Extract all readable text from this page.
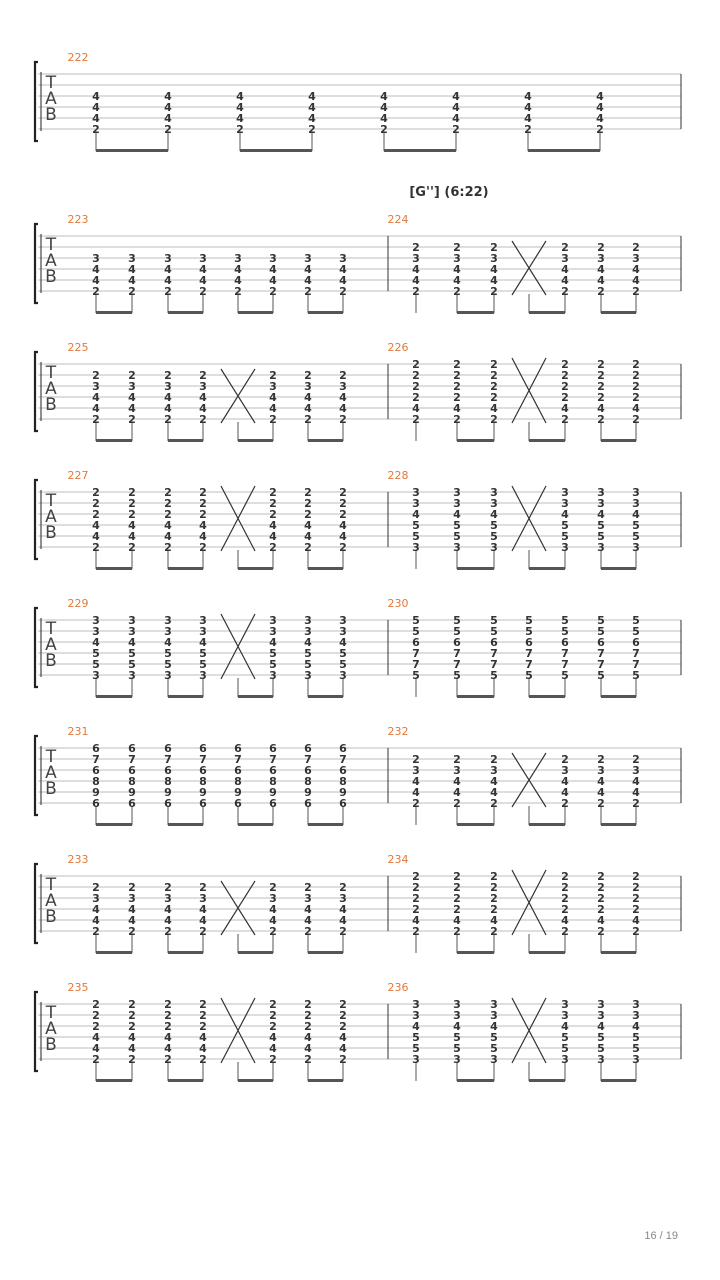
[G''] (6:22)
T
A
B
222
4
4
4
2
4
4
4
2
4
4
4
2
4
4
4
2
4
4
4
2
4
4
4
2
4
4
4
2
4
4
4
2
T
A
B
223
3
4
4
2
3
4
4
2
3
4
4
2
3
4
4
2
3
4
4
2
3
4
4
2
3
4
4
2
3
4
4
2
224
2
3
4
4
2
2
3
4
4
2
2
3
4
4
2
2
3
4
4
2
2
3
4
4
2
2
3
4
4
2
T
A
B
225
2
3
4
4
2
2
3
4
4
2
2
3
4
4
2
2
3
4
4
2
2
3
4
4
2
2
3
4
4
2
2
3
4
4
2
226
2
2
2
2
4
2
2
2
2
2
4
2
2
2
2
2
4
2
2
2
2
2
4
2
2
2
2
2
4
2
2
2
2
2
4
2
T
A
B
227
2
2
2
4
4
2
2
2
2
4
4
2
2
2
2
4
4
2
2
2
2
4
4
2
2
2
2
4
4
2
2
2
2
4
4
2
2
2
2
4
4
2
228
3
3
4
5
5
3
3
3
4
5
5
3
3
3
4
5
5
3
3
3
4
5
5
3
3
3
4
5
5
3
3
3
4
5
5
3
T
A
B
229
3
3
4
5
5
3
3
3
4
5
5
3
3
3
4
5
5
3
3
3
4
5
5
3
3
3
4
5
5
3
3
3
4
5
5
3
3
3
4
5
5
3
230
5
5
6
7
7
5
5
5
6
7
7
5
5
5
6
7
7
5
5
5
6
7
7
5
5
5
6
7
7
5
5
5
6
7
7
5
5
5
6
7
7
5
T
A
B
231
6
7
6
8
9
6
6
7
6
8
9
6
6
7
6
8
9
6
6
7
6
8
9
6
6
7
6
8
9
6
6
7
6
8
9
6
6
7
6
8
9
6
6
7
6
8
9
6
232
2
3
4
4
2
2
3
4
4
2
2
3
4
4
2
2
3
4
4
2
2
3
4
4
2
2
3
4
4
2
T
A
B
233
2
3
4
4
2
2
3
4
4
2
2
3
4
4
2
2
3
4
4
2
2
3
4
4
2
2
3
4
4
2
2
3
4
4
2
234
2
2
2
2
4
2
2
2
2
2
4
2
2
2
2
2
4
2
2
2
2
2
4
2
2
2
2
2
4
2
2
2
2
2
4
2
T
A
B
235
2
2
2
4
4
2
2
2
2
4
4
2
2
2
2
4
4
2
2
2
2
4
4
2
2
2
2
4
4
2
2
2
2
4
4
2
2
2
2
4
4
2
236
3
3
4
5
5
3
3
3
4
5
5
3
3
3
4
5
5
3
3
3
4
5
5
3
3
3
4
5
5
3
3
3
4
5
5
3
16 / 19
